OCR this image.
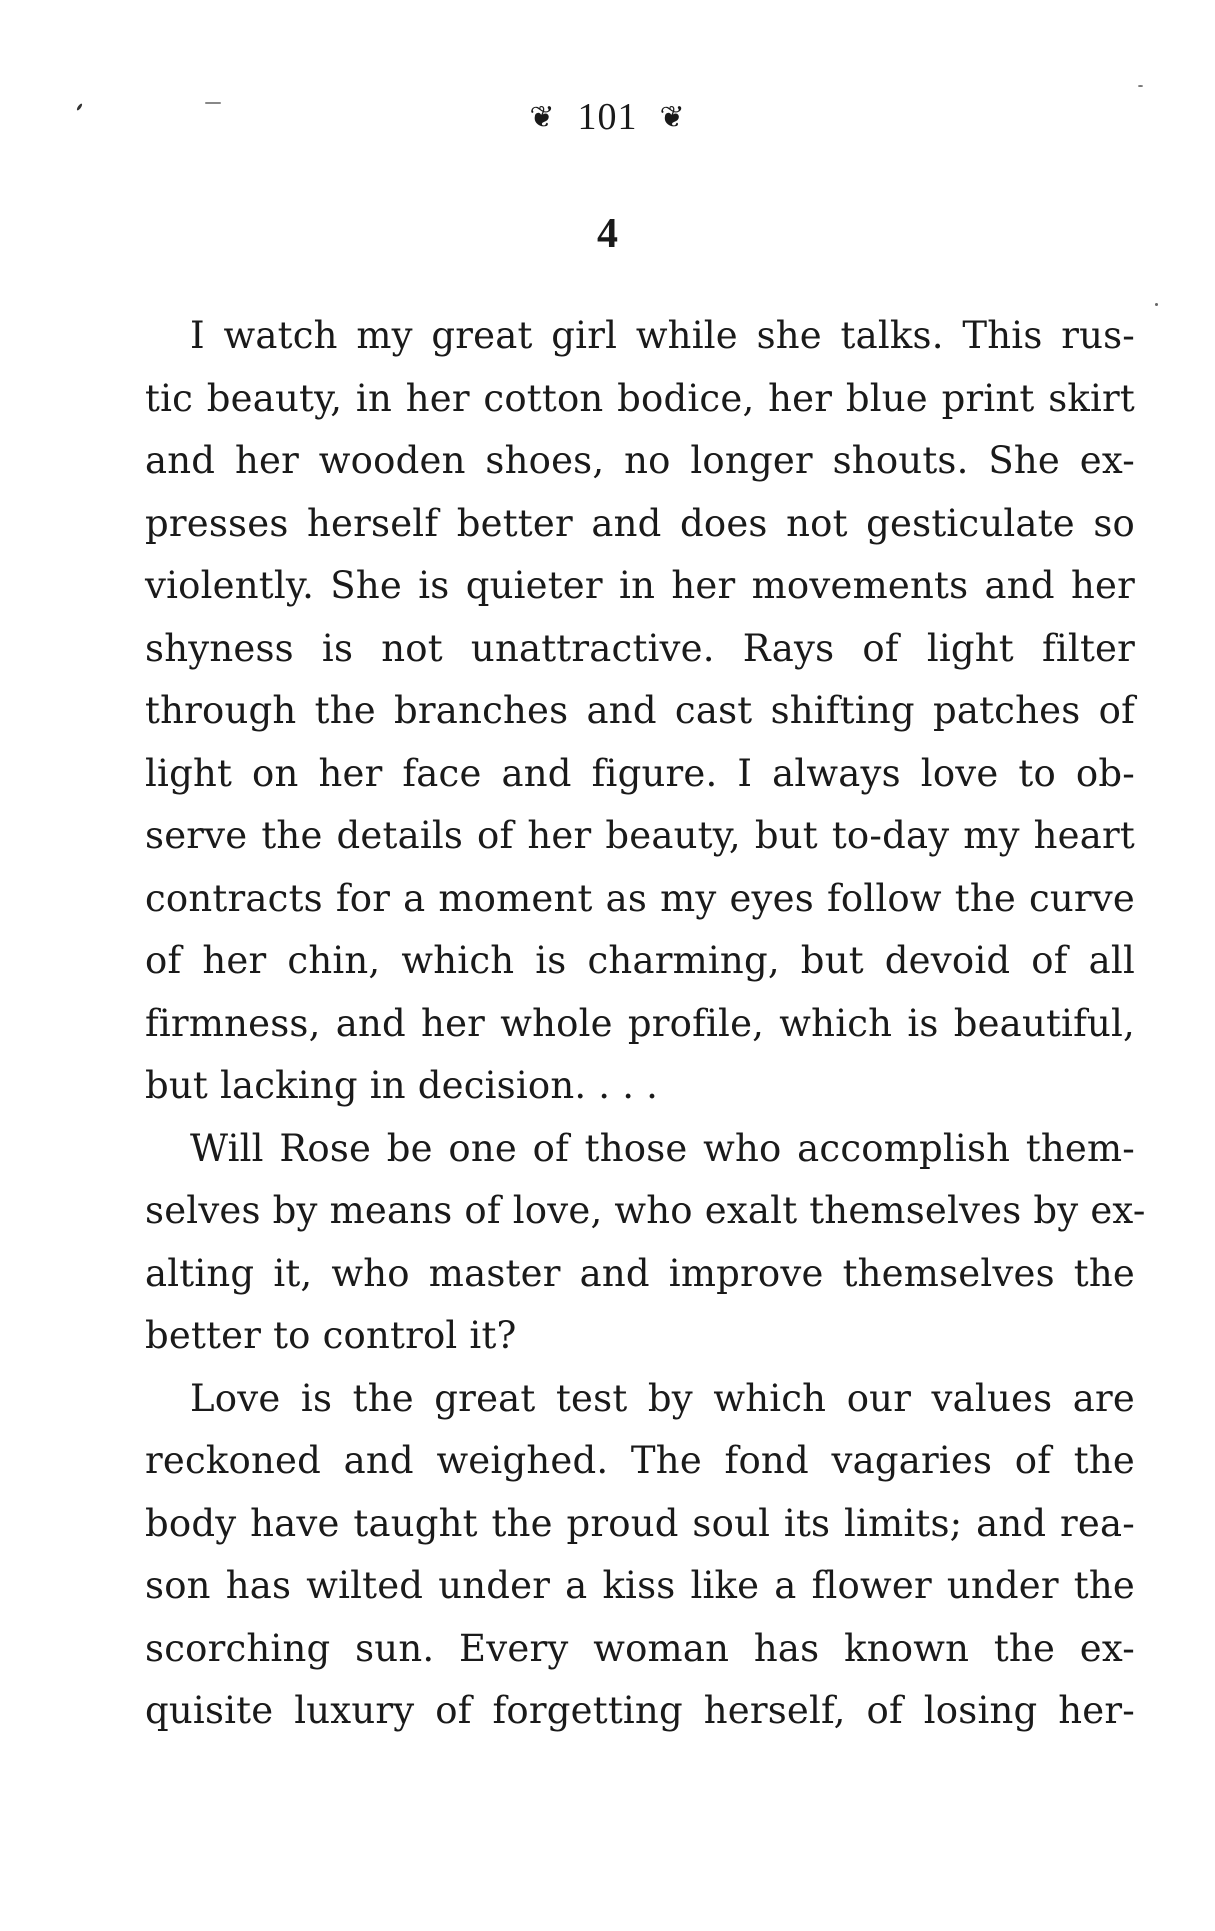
❦ 101 ❦
4
I watch my great girl while she talks. This rus-
tic beauty, in her cotton bodice, her blue print skirt
and her wooden shoes, no longer shouts. She ex-
presses herself better and does not gesticulate so
violently. She is quieter in her movements and her
shyness is not unattractive. Rays of light filter
through the branches and cast shifting patches of
light on her face and figure. I always love to ob-
serve the details of her beauty, but to-day my heart
contracts for a moment as my eyes follow the curve
of her chin, which is charming, but devoid of all
firmness, and her whole profile, which is beautiful,
but lacking in decision. . . .
Will Rose be one of those who accomplish them-
selves by means of love, who exalt themselves by ex-
alting it, who master and improve themselves the
better to control it?
Love is the great test by which our values are
reckoned and weighed. The fond vagaries of the
body have taught the proud soul its limits; and rea-
son has wilted under a kiss like a flower under the
scorching sun. Every woman has known the ex-
quisite luxury of forgetting herself, of losing her-
